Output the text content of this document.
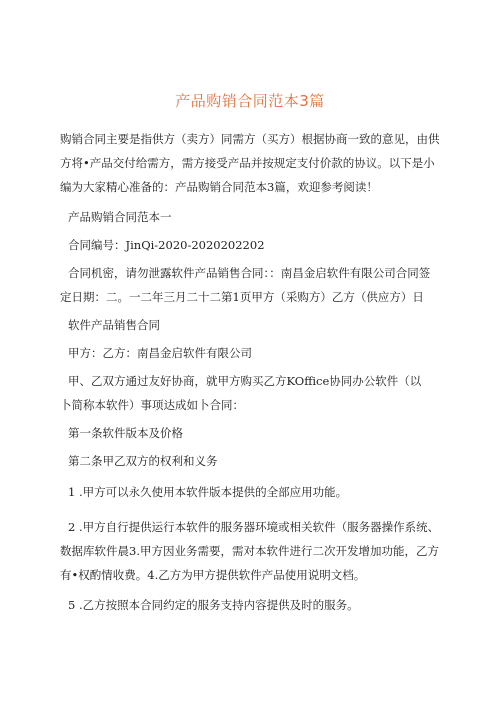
产品购销合同范本3篇
购销合同主要是指供方（卖方）同需方（买方）根据协商一致的意见，由供
方将•产品交付给需方，需方接受产品并按规定支付价款的协议。以下是小
编为大家精心准备的：产品购销合同范本3篇，欢迎参考阅读！
产品购销合同范本一
合同编号：JinQi-2020-2020202202
合同机密，请勿泄露软件产品销售合同：：南昌金启软件有限公司合同签
定日期：二。一二年三月二十二第1页甲方（采购方）乙方（供应方）日
软件产品销售合同
甲方：乙方：南昌金启软件有限公司
甲、乙双方通过友好协商，就甲方购买乙方KOffice协同办公软件（以
卜简称本软件）事项达成如卜合同：
第一条软件版本及价格
第二条甲乙双方的权利和义务
1 .甲方可以永久使用本软件版本提供的全部应用功能。
2 .甲方自行提供运行本软件的服务器环境或相关软件（服务器操作系统、
数据库软件晨3.甲方因业务需要，需对本软件进行二次开发增加功能，乙方
有•权酌情收费。4.乙方为甲方提供软件产品使用说明文档。
5 .乙方按照本合同约定的服务支持内容提供及时的服务。
